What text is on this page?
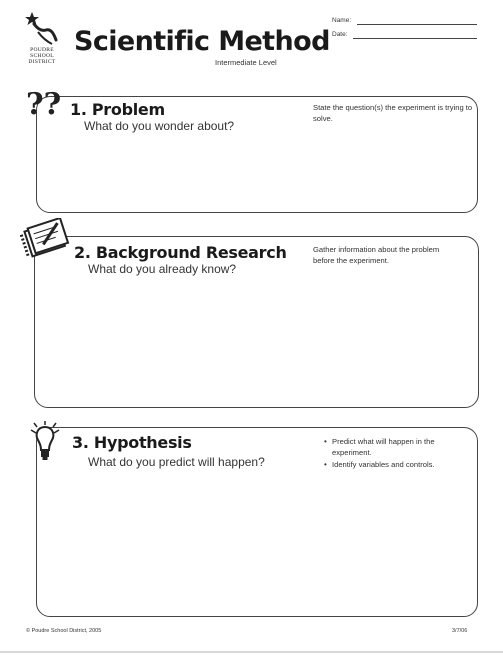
POUDRE
SCHOOL
DISTRICT
Scientific Method
Intermediate Level
Name:
Date:
?? 1. Problem
What do you wonder about?
State the question(s) the experiment is trying to solve.
2. Background Research
What do you already know?
Gather information about the problem before the experiment.
3. Hypothesis
What do you predict will happen?
• Predict what will happen in the experiment.
• Identify variables and controls.
© Poudre School District, 2005	3/7/06
